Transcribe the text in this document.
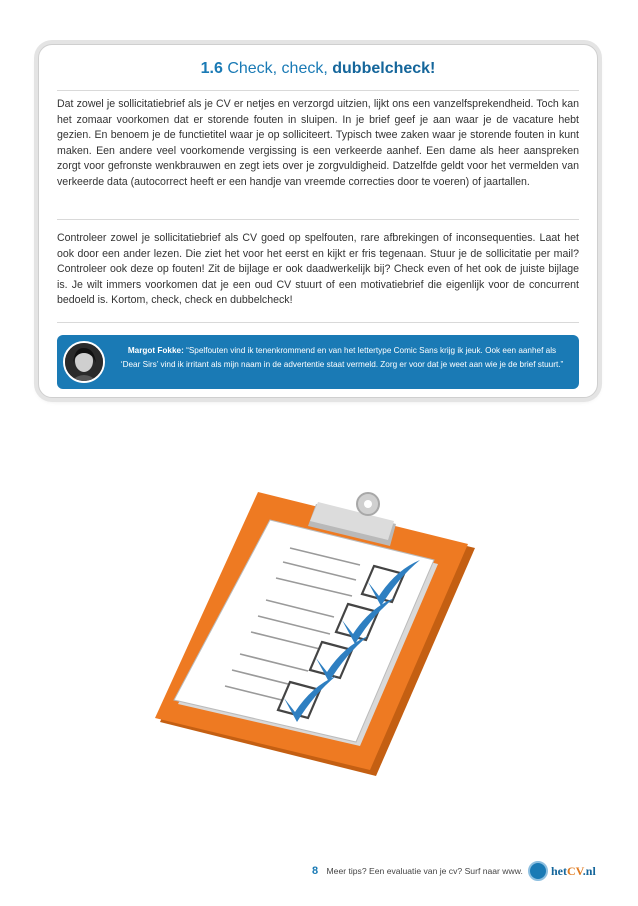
1.6 Check, check, dubbelcheck!
Dat zowel je sollicitatiebrief als je CV er netjes en verzorgd uitzien, lijkt ons een vanzelfsprekendheid. Toch kan het zomaar voorkomen dat er storende fouten in sluipen. In je brief geef je aan waar je de vacature hebt gezien. En benoem je de functietitel waar je op solliciteert. Typisch twee zaken waar je storende fouten in kunt maken. Een andere veel voorkomende vergissing is een verkeerde aanhef. Een dame als heer aanspreken zorgt voor gefronste wenkbrauwen en zegt iets over je zorgvuldigheid. Datzelfde geldt voor het vermelden van verkeerde data (autocorrect heeft er een handje van vreemde correcties door te voeren) of jaartallen.
Controleer zowel je sollicitatiebrief als CV goed op spelfouten, rare afbrekingen of inconsequenties. Laat het ook door een ander lezen. Die ziet het voor het eerst en kijkt er fris tegenaan. Stuur je de sollicitatie per mail? Controleer ook deze op fouten! Zit de bijlage er ook daadwerkelijk bij? Check even of het ook de juiste bijlage is. Je wilt immers voorkomen dat je een oud CV stuurt of een motivatiebrief die eigenlijk voor de concurrent bedoeld is. Kortom, check, check en dubbelcheck!
Margot Fokke: “Spelfouten vind ik tenenkrommend en van het lettertype Comic Sans krijg ik jeuk. Ook een aanhef als ‘Dear Sirs’ vind ik irritant als mijn naam in de advertentie staat vermeld. Zorg er voor dat je weet aan wie je de brief stuurt.”
8 Meer tips? Een evaluatie van je cv? Surf naar www. hetCV.nl
